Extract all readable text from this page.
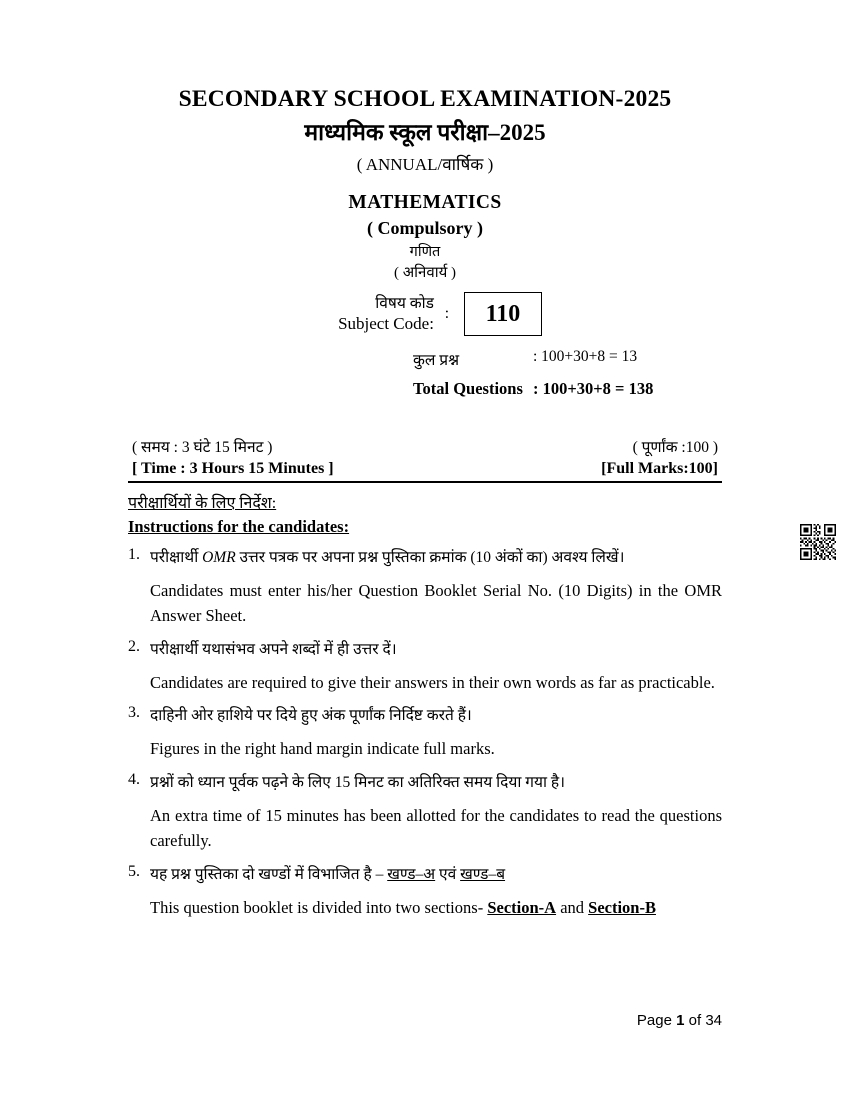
SECONDARY SCHOOL EXAMINATION-2025
माध्यमिक स्कूल परीक्षा–2025
( ANNUAL/वार्षिक )
MATHEMATICS
( Compulsory )
गणित
( अनिवार्य )
विषय कोड
Subject Code:
:	110
कुल प्रश्न	: 100+30+8 = 13
Total Questions : 100+30+8 = 138
( समय : 3 घंटे 15 मिनट )	( पूर्णांक :100 )
[ Time : 3 Hours 15 Minutes ]	[Full Marks:100]
परीक्षार्थियों के लिए निर्देश:
Instructions for the candidates:
1. परीक्षार्थी OMR उत्तर पत्रक पर अपना प्रश्न पुस्तिका क्रमांक (10 अंकों का) अवश्य लिखें।
Candidates must enter his/her Question Booklet Serial No. (10 Digits) in the OMR Answer Sheet.
2. परीक्षार्थी यथासंभव अपने शब्दों में ही उत्तर दें।
Candidates are required to give their answers in their own words as far as practicable.
3. दाहिनी ओर हाशिये पर दिये हुए अंक पूर्णांक निर्दिष्ट करते हैं।
Figures in the right hand margin indicate full marks.
4. प्रश्नों को ध्यान पूर्वक पढ़ने के लिए 15 मिनट का अतिरिक्त समय दिया गया है।
An extra time of 15 minutes has been allotted for the candidates to read the questions carefully.
5. यह प्रश्न पुस्तिका दो खण्डों में विभाजित है – खण्ड–अ एवं खण्ड–ब
This question booklet is divided into two sections- Section-A and Section-B
Page 1 of 34
